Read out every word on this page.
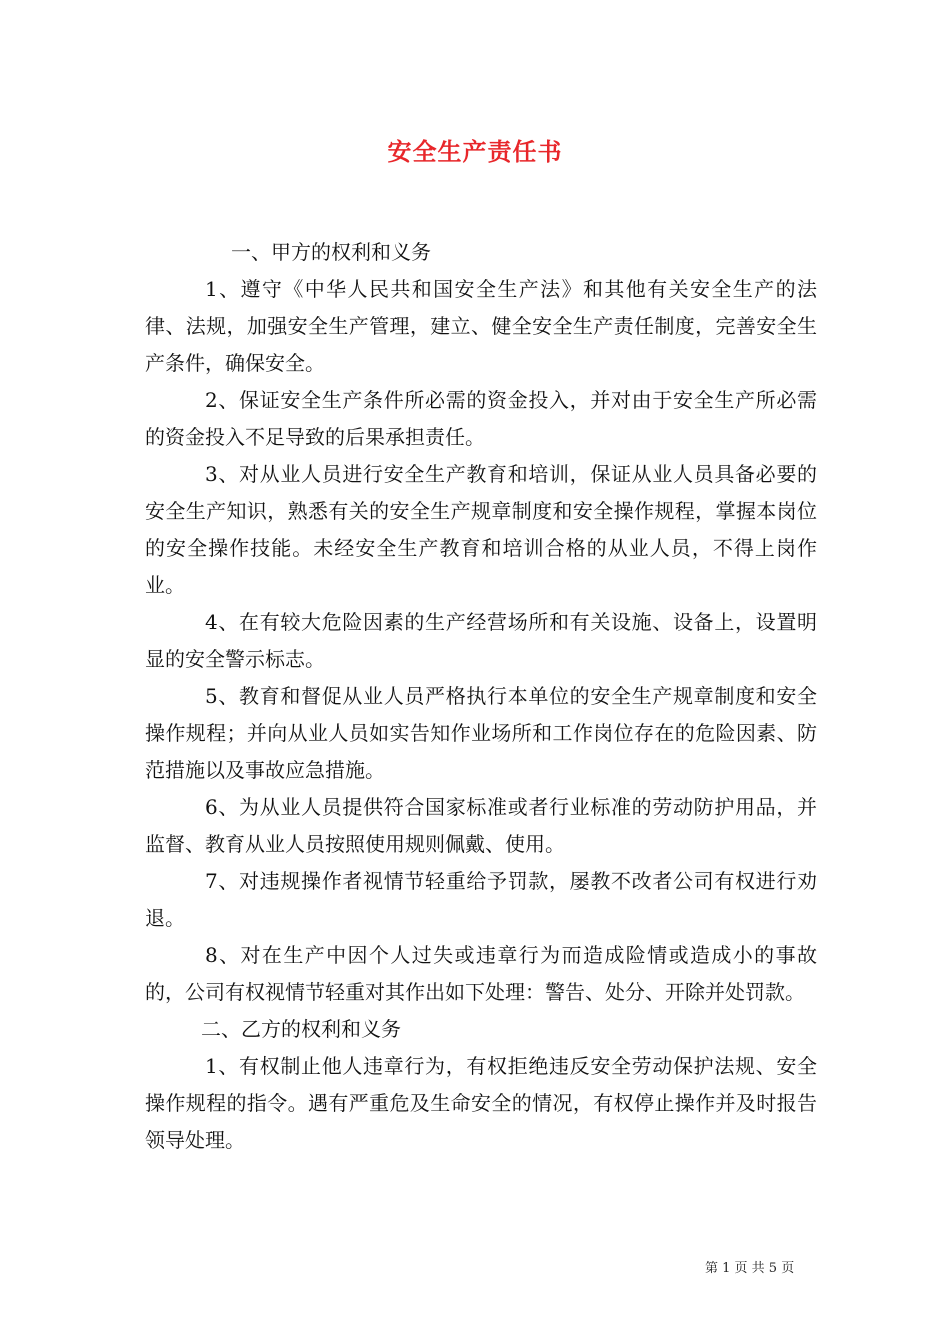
安全生产责任书

一、甲方的权利和义务

1、遵守《中华人民共和国安全生产法》和其他有关安全生产的法律、法规，加强安全生产管理，建立、健全安全生产责任制度，完善安全生产条件，确保安全。

2、保证安全生产条件所必需的资金投入，并对由于安全生产所必需的资金投入不足导致的后果承担责任。

3、对从业人员进行安全生产教育和培训，保证从业人员具备必要的安全生产知识，熟悉有关的安全生产规章制度和安全操作规程，掌握本岗位的安全操作技能。未经安全生产教育和培训合格的从业人员，不得上岗作业。

4、在有较大危险因素的生产经营场所和有关设施、设备上，设置明显的安全警示标志。

5、教育和督促从业人员严格执行本单位的安全生产规章制度和安全操作规程；并向从业人员如实告知作业场所和工作岗位存在的危险因素、防范措施以及事故应急措施。

6、为从业人员提供符合国家标准或者行业标准的劳动防护用品，并监督、教育从业人员按照使用规则佩戴、使用。

7、对违规操作者视情节轻重给予罚款，屡教不改者公司有权进行劝退。

8、对在生产中因个人过失或违章行为而造成险情或造成小的事故的，公司有权视情节轻重对其作出如下处理：警告、处分、开除并处罚款。

二、乙方的权利和义务

1、有权制止他人违章行为，有权拒绝违反安全劳动保护法规、安全操作规程的指令。遇有严重危及生命安全的情况，有权停止操作并及时报告领导处理。

第 1 页 共 5 页
